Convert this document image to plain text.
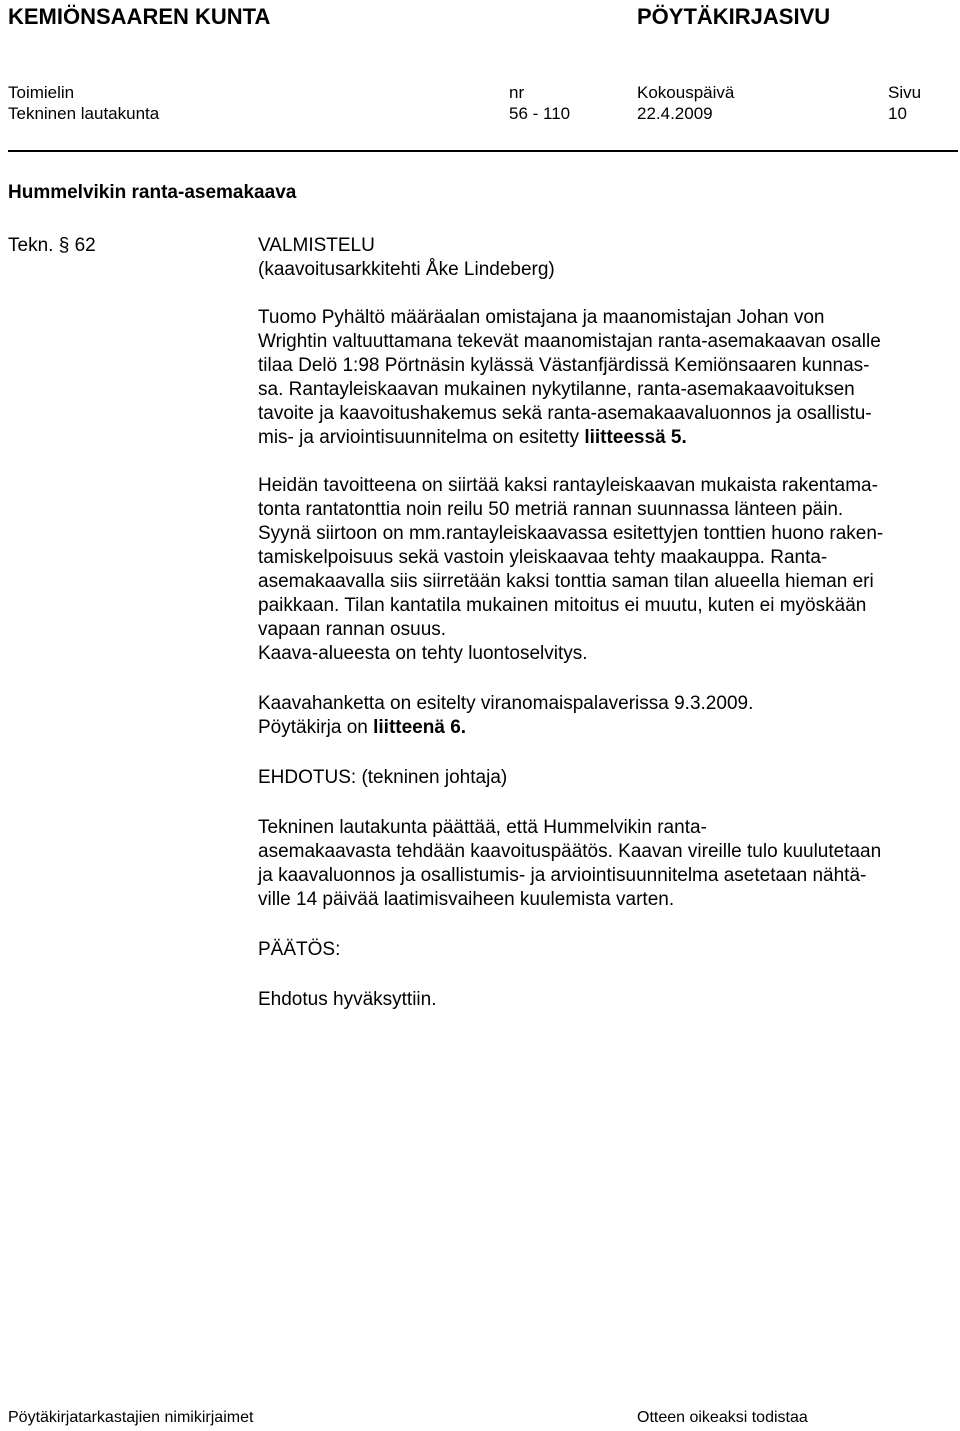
KEMIÖNSAAREN KUNTA	PÖYTÄKIRJASIVU
Toimielin	nr	Kokouspäivä	Sivu
Tekninen lautakunta	56 - 110	22.4.2009	10
Hummelvikin ranta-asemakaava
Tekn. § 62	VALMISTELU
(kaavoitusarkkitehti Åke Lindeberg)
Tuomo Pyhältö määräalan omistajana ja maanomistajan Johan von
Wrightin valtuuttamana tekevät maanomistajan ranta-asemakaavan osalle
tilaa Delö 1:98 Pörtnäsin kylässä Västanfjärdissä Kemiönsaaren kunnas-
sa. Rantayleiskaavan mukainen nykytilanne, ranta-asemakaavoituksen
tavoite ja kaavoitushakemus sekä ranta-asemakaavaluonnos ja osallistu-
mis- ja arviointisuunnitelma on esitetty liitteessä 5.
Heidän tavoitteena on siirtää kaksi rantayleiskaavan mukaista rakentama-
tonta rantatonttia noin reilu 50 metriä rannan suunnassa länteen päin.
Syynä siirtoon on mm.rantayleiskaavassa esitettyjen tonttien huono raken-
tamiskelpoisuus sekä vastoin yleiskaavaa tehty maakauppa. Ranta-
asemakaavalla siis siirretään kaksi tonttia saman tilan alueella hieman eri
paikkaan. Tilan kantatila mukainen mitoitus ei muutu, kuten ei myöskään
vapaan rannan osuus.
Kaava-alueesta on tehty luontoselvitys.
Kaavahanketta on esitelty viranomaispalaverissa 9.3.2009.
Pöytäkirja on liitteenä 6.
EHDOTUS: (tekninen johtaja)
Tekninen lautakunta päättää, että Hummelvikin ranta-
asemakaavasta tehdään kaavoituspäätös. Kaavan vireille tulo kuulutetaan
ja kaavaluonnos ja osallistumis- ja arviointisuunnitelma asetetaan nähtä-
ville 14 päivää laatimisvaiheen kuulemista varten.
PÄÄTÖS:
Ehdotus hyväksyttiin.
Pöytäkirjatarkastajien nimikirjaimet	Otteen oikeaksi todistaa
